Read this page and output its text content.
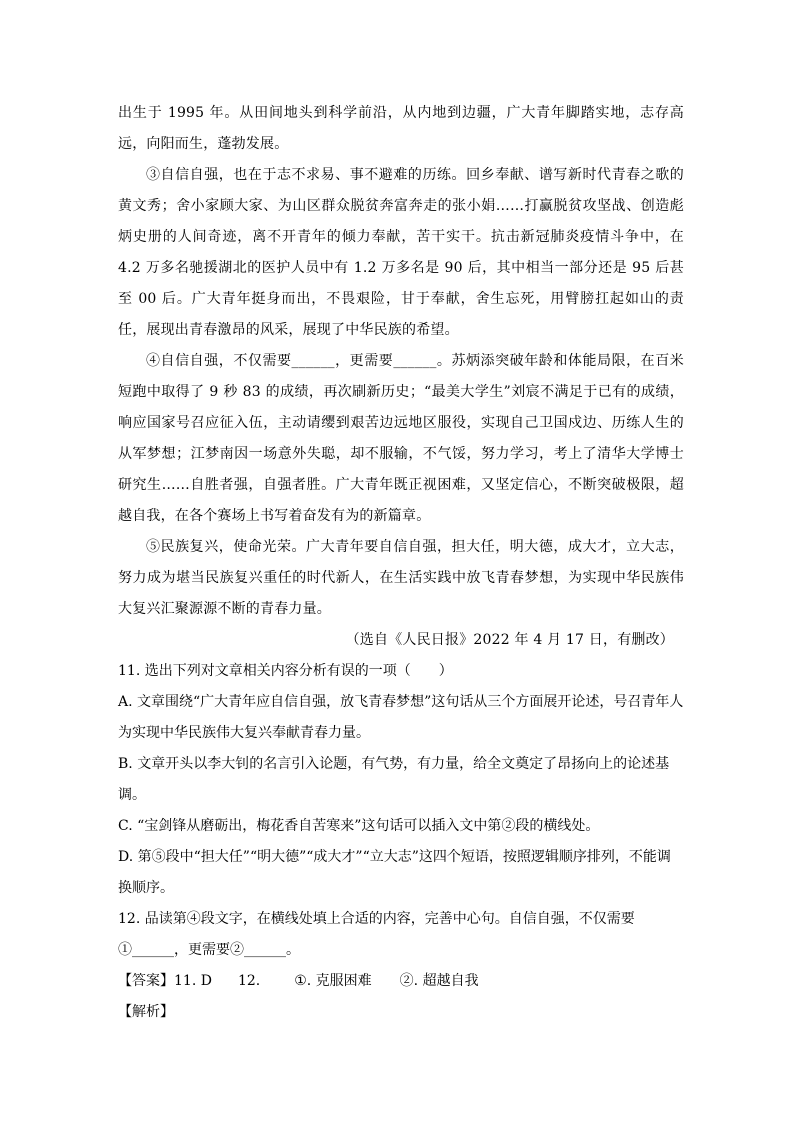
出生于 1995 年。从田间地头到科学前沿，从内地到边疆，广大青年脚踏实地，志存高远，向阳而生，蓬勃发展。

③自信自强，也在于志不求易、事不避难的历练。回乡奉献、谱写新时代青春之歌的黄文秀；舍小家顾大家、为山区群众脱贫奔富奔走的张小娟……打赢脱贫攻坚战、创造彪炳史册的人间奇迹，离不开青年的倾力奉献，苦干实干。抗击新冠肺炎疫情斗争中，在 4.2 万多名驰援湖北的医护人员中有 1.2 万多名是 90 后，其中相当一部分还是 95 后甚至 00 后。广大青年挺身而出，不畏艰险，甘于奉献，舍生忘死，用臂膀扛起如山的责任，展现出青春激昂的风采，展现了中华民族的希望。

④自信自强，不仅需要______，更需要______。苏炳添突破年龄和体能局限，在百米短跑中取得了 9 秒 83 的成绩，再次刷新历史；“最美大学生”刘宸不满足于已有的成绩，响应国家号召应征入伍，主动请缨到艰苦边远地区服役，实现自己卫国戍边、历练人生的从军梦想；江梦南因一场意外失聪，却不服输，不气馁，努力学习，考上了清华大学博士研究生……自胜者强，自强者胜。广大青年既正视困难，又坚定信心，不断突破极限，超越自我，在各个赛场上书写着奋发有为的新篇章。

⑤民族复兴，使命光荣。广大青年要自信自强，担大任，明大德，成大才，立大志，努力成为堪当民族复兴重任的时代新人，在生活实践中放飞青春梦想，为实现中华民族伟大复兴汇聚源源不断的青春力量。

（选自《人民日报》2022 年 4 月 17 日，有删改）

11. 选出下列对文章相关内容分析有误的一项（　　）

A. 文章围绕“广大青年应自信自强，放飞青春梦想”这句话从三个方面展开论述，号召青年人为实现中华民族伟大复兴奉献青春力量。

B. 文章开头以李大钊的名言引入论题，有气势，有力量，给全文奠定了昂扬向上的论述基调。

C. “宝剑锋从磨砺出，梅花香自苦寒来”这句话可以插入文中第②段的横线处。

D. 第⑤段中“担大任”“明大德”“成大才”“立大志”这四个短语，按照逻辑顺序排列，不能调换顺序。

12. 品读第④段文字，在横线处填上合适的内容，完善中心句。自信自强，不仅需要①______，更需要②______。

【答案】11. D 12. ①. 克服困难 ②. 超越自我

【解析】
